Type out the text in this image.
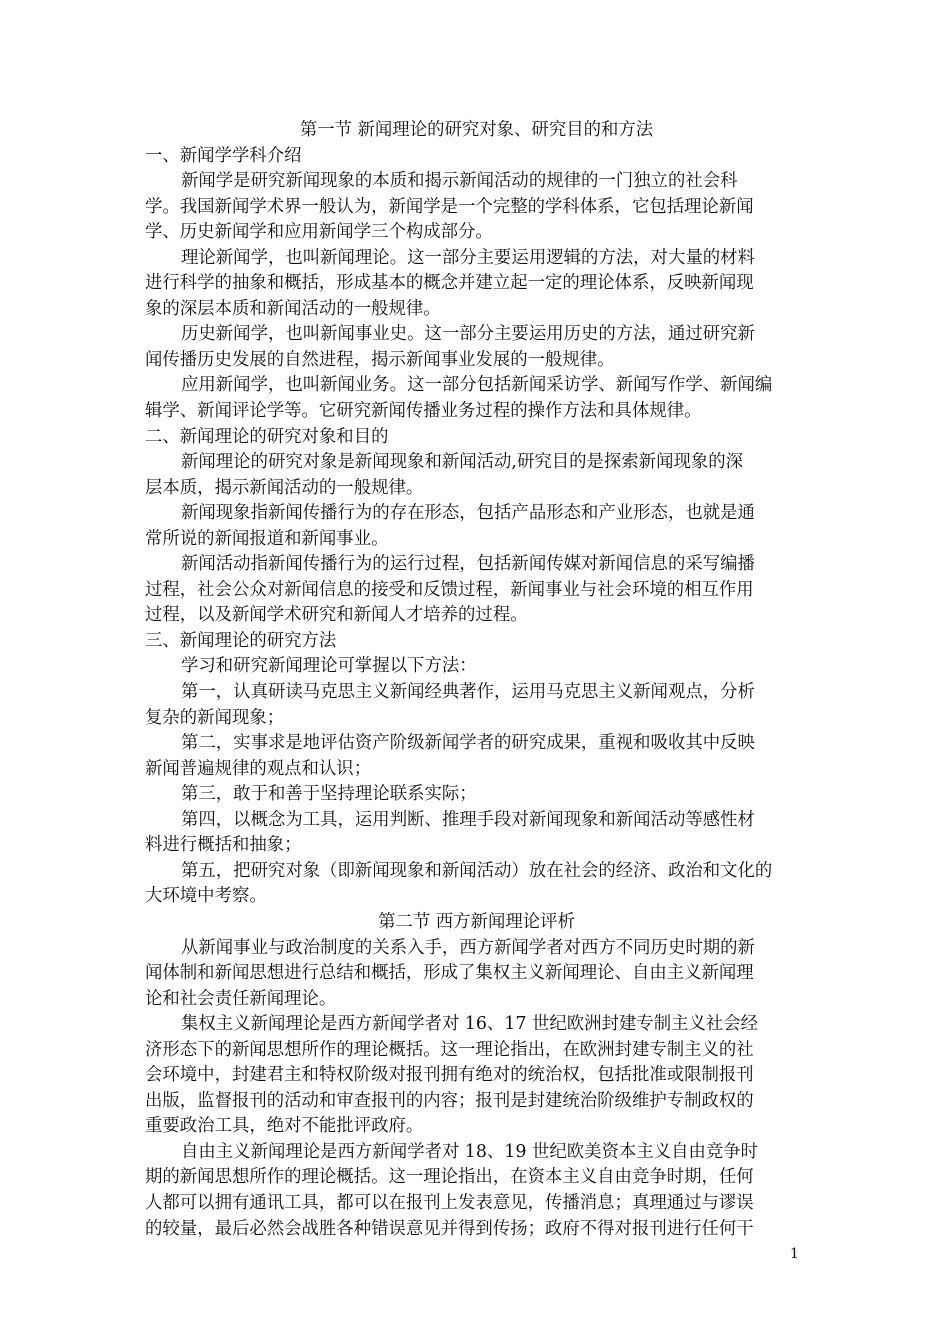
第一节 新闻理论的研究对象、研究目的和方法
一、新闻学学科介绍
新闻学是研究新闻现象的本质和揭示新闻活动的规律的一门独立的社会科
学。我国新闻学术界一般认为，新闻学是一个完整的学科体系，它包括理论新闻
学、历史新闻学和应用新闻学三个构成部分。
理论新闻学，也叫新闻理论。这一部分主要运用逻辑的方法，对大量的材料
进行科学的抽象和概括，形成基本的概念并建立起一定的理论体系，反映新闻现
象的深层本质和新闻活动的一般规律。
历史新闻学，也叫新闻事业史。这一部分主要运用历史的方法，通过研究新
闻传播历史发展的自然进程，揭示新闻事业发展的一般规律。
应用新闻学，也叫新闻业务。这一部分包括新闻采访学、新闻写作学、新闻编
辑学、新闻评论学等。它研究新闻传播业务过程的操作方法和具体规律。
二、新闻理论的研究对象和目的
新闻理论的研究对象是新闻现象和新闻活动,研究目的是探索新闻现象的深
层本质，揭示新闻活动的一般规律。
新闻现象指新闻传播行为的存在形态，包括产品形态和产业形态，也就是通
常所说的新闻报道和新闻事业。
新闻活动指新闻传播行为的运行过程，包括新闻传媒对新闻信息的采写编播
过程，社会公众对新闻信息的接受和反馈过程，新闻事业与社会环境的相互作用
过程，以及新闻学术研究和新闻人才培养的过程。
三、新闻理论的研究方法
学习和研究新闻理论可掌握以下方法：
第一，认真研读马克思主义新闻经典著作，运用马克思主义新闻观点，分析
复杂的新闻现象；
第二，实事求是地评估资产阶级新闻学者的研究成果，重视和吸收其中反映
新闻普遍规律的观点和认识；
第三，敢于和善于坚持理论联系实际；
第四，以概念为工具，运用判断、推理手段对新闻现象和新闻活动等感性材
料进行概括和抽象；
第五，把研究对象（即新闻现象和新闻活动）放在社会的经济、政治和文化的
大环境中考察。
第二节 西方新闻理论评析
从新闻事业与政治制度的关系入手，西方新闻学者对西方不同历史时期的新
闻体制和新闻思想进行总结和概括，形成了集权主义新闻理论、自由主义新闻理
论和社会责任新闻理论。
集权主义新闻理论是西方新闻学者对 16、17 世纪欧洲封建专制主义社会经
济形态下的新闻思想所作的理论概括。这一理论指出，在欧洲封建专制主义的社
会环境中，封建君主和特权阶级对报刊拥有绝对的统治权，包括批准或限制报刊
出版，监督报刊的活动和审查报刊的内容；报刊是封建统治阶级维护专制政权的
重要政治工具，绝对不能批评政府。
自由主义新闻理论是西方新闻学者对 18、19 世纪欧美资本主义自由竞争时
期的新闻思想所作的理论概括。这一理论指出，在资本主义自由竞争时期，任何
人都可以拥有通讯工具，都可以在报刊上发表意见，传播消息；真理通过与谬误
的较量，最后必然会战胜各种错误意见并得到传扬；政府不得对报刊进行任何干
1
